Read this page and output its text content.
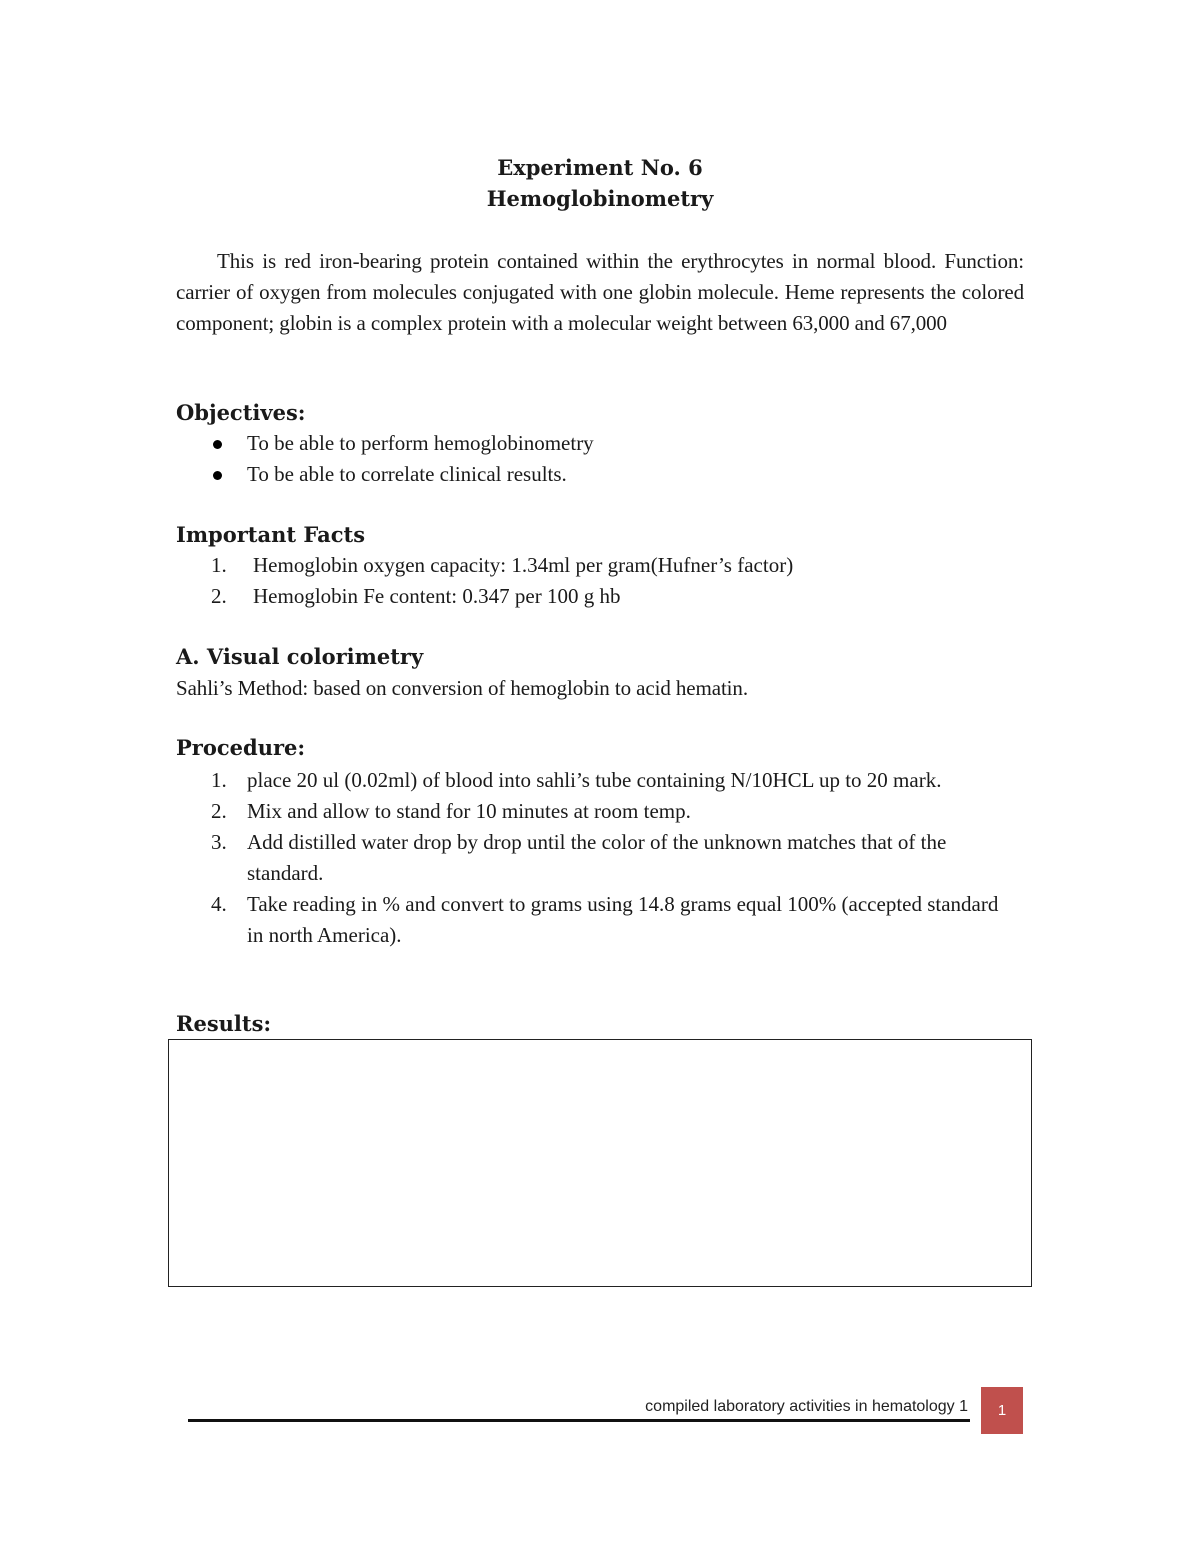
Experiment No. 6
Hemoglobinometry
This is red iron-bearing protein contained within the erythrocytes in normal blood. Function: carrier of oxygen from molecules conjugated with one globin molecule. Heme represents the colored component; globin is a complex protein with a molecular weight between 63,000 and 67,000
Objectives:
To be able to perform hemoglobinometry
To be able to correlate clinical results.
Important Facts
1. Hemoglobin oxygen capacity: 1.34ml per gram(Hufner’s factor)
2. Hemoglobin Fe content: 0.347 per 100 g hb
A. Visual colorimetry
Sahli’s Method: based on conversion of hemoglobin to acid hematin.
Procedure:
1. place 20 ul (0.02ml) of blood into sahli’s tube containing N/10HCL up to 20 mark.
2. Mix and allow to stand for 10 minutes at room temp.
3. Add distilled water drop by drop until the color of the unknown matches that of the standard.
4. Take reading in % and convert to grams using 14.8 grams equal 100% (accepted standard in north America).
Results:
compiled laboratory activities in hematology 1	1
